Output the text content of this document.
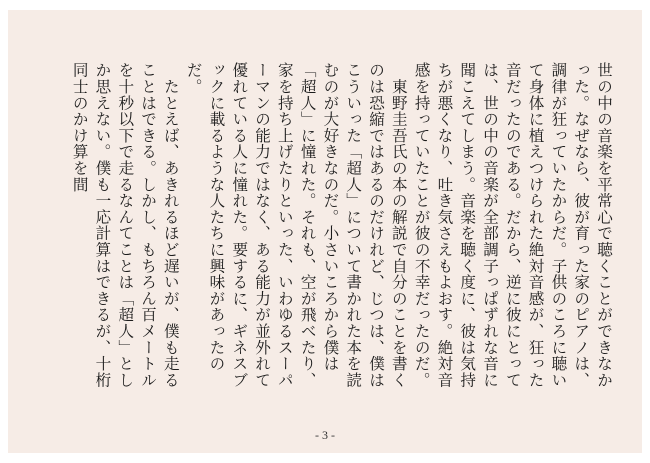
世の中の音楽を平常心で聴くことができなかった。なぜなら、彼が育った家のピアノは、調律が狂っていたからだ。子供のころに聴いて身体に植えつけられた絶対音感が、狂った音だったのである。だから、逆に彼にとっては、世の中の音楽が全部調子っぱずれな音に聞こえてしまう。音楽を聴く度に、彼は気持ちが悪くなり、吐き気さえもよおす。絶対音感を持っていたことが彼の不幸だったのだ。

　東野圭吾氏の本の解説で自分のことを書くのは恐縮ではあるのだけれど、じつは、僕はこういった「超人」について書かれた本を読むのが大好きなのだ。小さいころから僕は「超人」に憧れた。それも、空が飛べたり、家を持ち上げたりといった、いわゆるスーパーマンの能力ではなく、ある能力が並外れて優れている人に憧れた。要するに、ギネスブックに載るような人たちに興味があったのだ。

　たとえば、あきれるほど遅いが、僕も走ることはできる。しかし、もちろん百メートルを十秒以下で走るなんてことは「超人」としか思えない。僕も一応計算はできるが、十桁同士のかけ算を間

- 3 -
